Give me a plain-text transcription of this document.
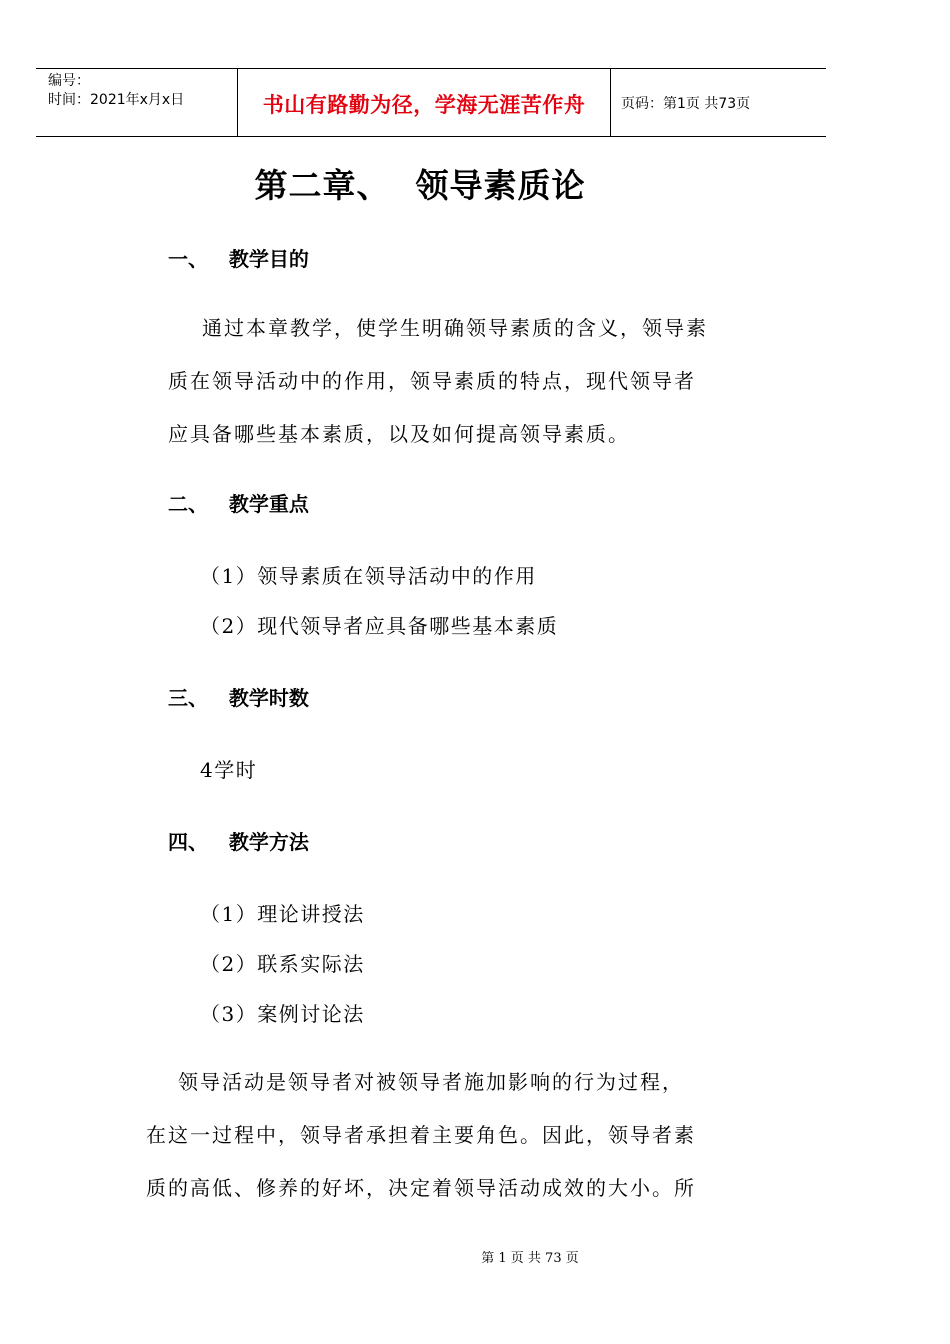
编号：
时间：2021年x月x日	书山有路勤为径，学海无涯苦作舟	页码：第1页 共73页
第二章、  领导素质论
一、   教学目的
通过本章教学，使学生明确领导素质的含义，领导素
质在领导活动中的作用，领导素质的特点，现代领导者
应具备哪些基本素质，以及如何提高领导素质。
二、   教学重点
（1）领导素质在领导活动中的作用
（2）现代领导者应具备哪些基本素质
三、   教学时数
4学时
四、   教学方法
（1）理论讲授法
（2）联系实际法
（3）案例讨论法
领导活动是领导者对被领导者施加影响的行为过程，
在这一过程中，领导者承担着主要角色。因此，领导者素
质的高低、修养的好坏，决定着领导活动成效的大小。所
第 1 页 共 73 页
